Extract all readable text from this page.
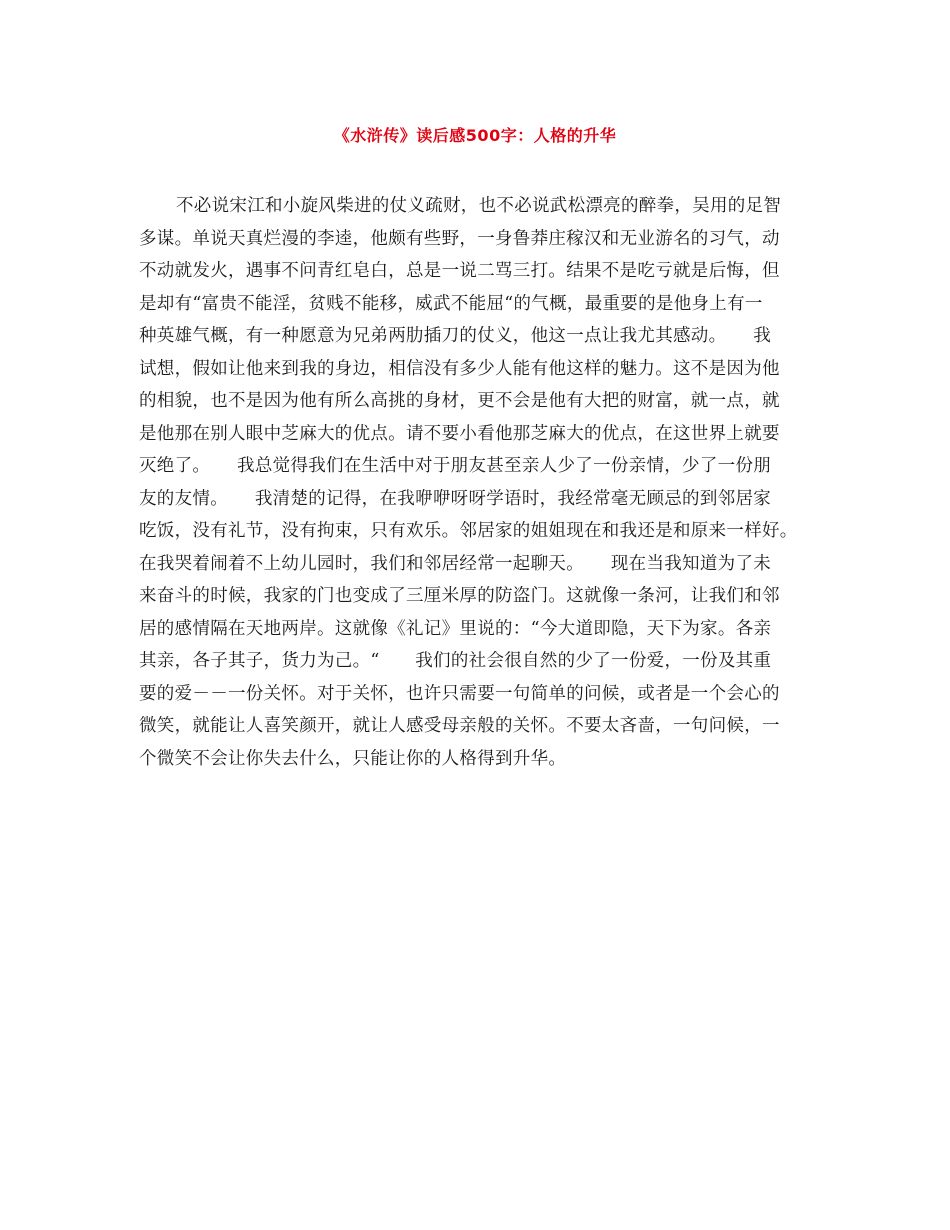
《水浒传》读后感500字：人格的升华
不必说宋江和小旋风柴进的仗义疏财，也不必说武松漂亮的醉拳，吴用的足智
多谋。单说天真烂漫的李逵，他颇有些野，一身鲁莽庄稼汉和无业游名的习气，动
不动就发火，遇事不问青红皂白，总是一说二骂三打。结果不是吃亏就是后悔，但
是却有“富贵不能淫，贫贱不能移，威武不能屈“的气概，最重要的是他身上有一
种英雄气概，有一种愿意为兄弟两肋插刀的仗义，他这一点让我尤其感动。　　我
试想，假如让他来到我的身边，相信没有多少人能有他这样的魅力。这不是因为他
的相貌，也不是因为他有所么高挑的身材，更不会是他有大把的财富，就一点，就
是他那在别人眼中芝麻大的优点。请不要小看他那芝麻大的优点，在这世界上就要
灭绝了。　　我总觉得我们在生活中对于朋友甚至亲人少了一份亲情，少了一份朋
友的友情。　　我清楚的记得，在我咿咿呀呀学语时，我经常毫无顾忌的到邻居家
吃饭，没有礼节，没有拘束，只有欢乐。邻居家的姐姐现在和我还是和原来一样好。
在我哭着闹着不上幼儿园时，我们和邻居经常一起聊天。　　现在当我知道为了未
来奋斗的时候，我家的门也变成了三厘米厚的防盗门。这就像一条河，让我们和邻
居的感情隔在天地两岸。这就像《礼记》里说的：“今大道即隐，天下为家。各亲
其亲，各子其子，货力为己。“　　我们的社会很自然的少了一份爱，一份及其重
要的爱－－一份关怀。对于关怀，也许只需要一句简单的问候，或者是一个会心的
微笑，就能让人喜笑颜开，就让人感受母亲般的关怀。不要太吝啬，一句问候，一
个微笑不会让你失去什么，只能让你的人格得到升华。
